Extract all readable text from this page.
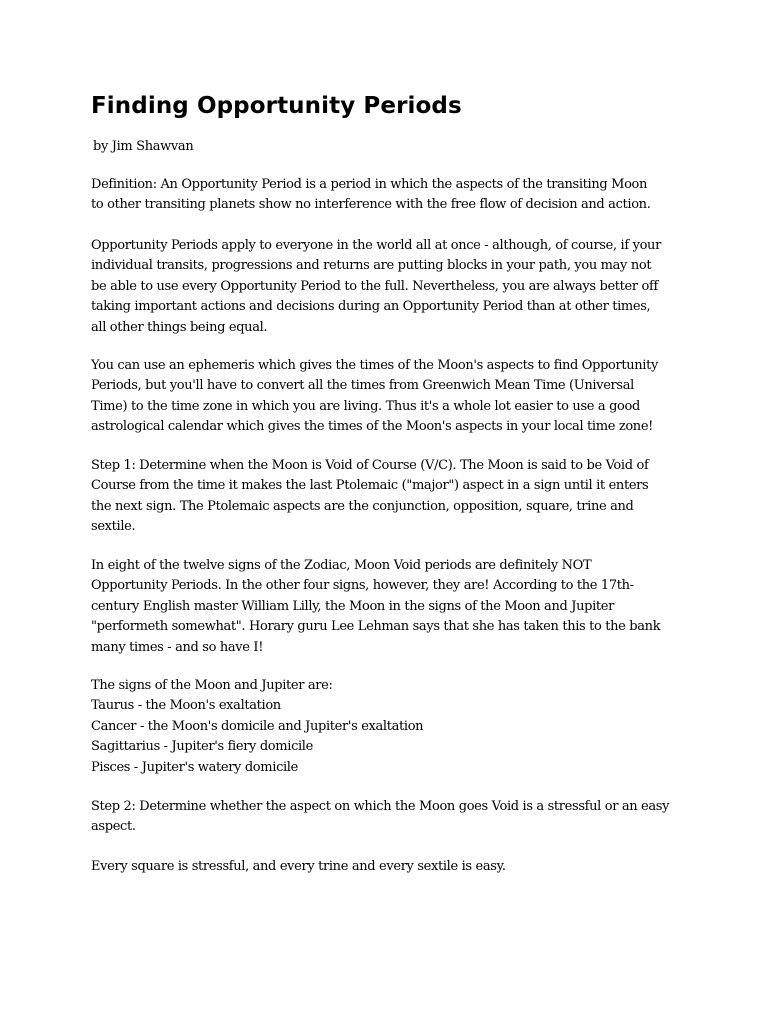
Finding Opportunity Periods

by Jim Shawvan

Definition: An Opportunity Period is a period in which the aspects of the transiting Moon
to other transiting planets show no interference with the free flow of decision and action.

Opportunity Periods apply to everyone in the world all at once - although, of course, if your
individual transits, progressions and returns are putting blocks in your path, you may not
be able to use every Opportunity Period to the full. Nevertheless, you are always better off
taking important actions and decisions during an Opportunity Period than at other times,
all other things being equal.

You can use an ephemeris which gives the times of the Moon's aspects to find Opportunity
Periods, but you'll have to convert all the times from Greenwich Mean Time (Universal
Time) to the time zone in which you are living. Thus it's a whole lot easier to use a good
astrological calendar which gives the times of the Moon's aspects in your local time zone!

Step 1: Determine when the Moon is Void of Course (V/C). The Moon is said to be Void of
Course from the time it makes the last Ptolemaic ("major") aspect in a sign until it enters
the next sign. The Ptolemaic aspects are the conjunction, opposition, square, trine and
sextile.

In eight of the twelve signs of the Zodiac, Moon Void periods are definitely NOT
Opportunity Periods. In the other four signs, however, they are! According to the 17th-
century English master William Lilly, the Moon in the signs of the Moon and Jupiter
"performeth somewhat". Horary guru Lee Lehman says that she has taken this to the bank
many times - and so have I!

The signs of the Moon and Jupiter are:
Taurus - the Moon's exaltation
Cancer - the Moon's domicile and Jupiter's exaltation
Sagittarius - Jupiter's fiery domicile
Pisces - Jupiter's watery domicile

Step 2: Determine whether the aspect on which the Moon goes Void is a stressful or an easy
aspect.

Every square is stressful, and every trine and every sextile is easy.
